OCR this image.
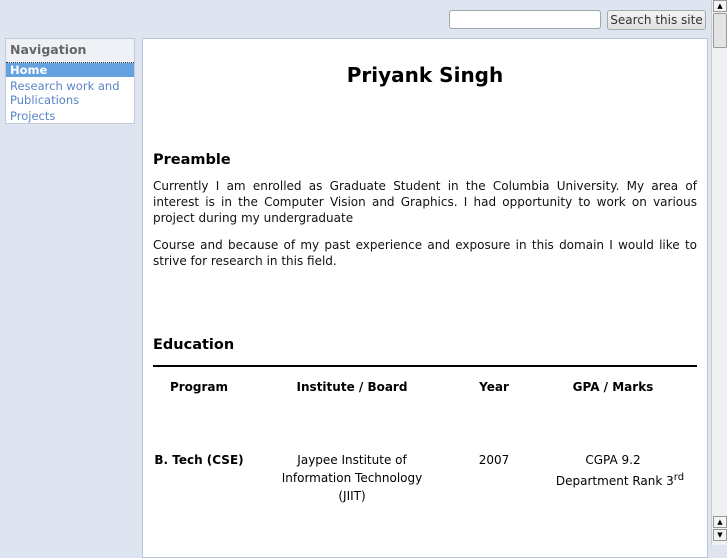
Search this site
Navigation
Home
Research work and Publications
Projects
Priyank Singh
Preamble

Currently I am enrolled as Graduate Student in the Columbia University. My area of interest is in the Computer Vision and Graphics. I had opportunity to work on various project during my undergraduate

Course and because of my past experience and exposure in this domain I would like to strive for research in this field.

Education
Program	Institute / Board	Year	GPA / Marks
B. Tech (CSE)	Jaypee Institute of Information Technology (JIIT)	2007	CGPA 9.2
Department Rank 3rd
▲
▲
▼
